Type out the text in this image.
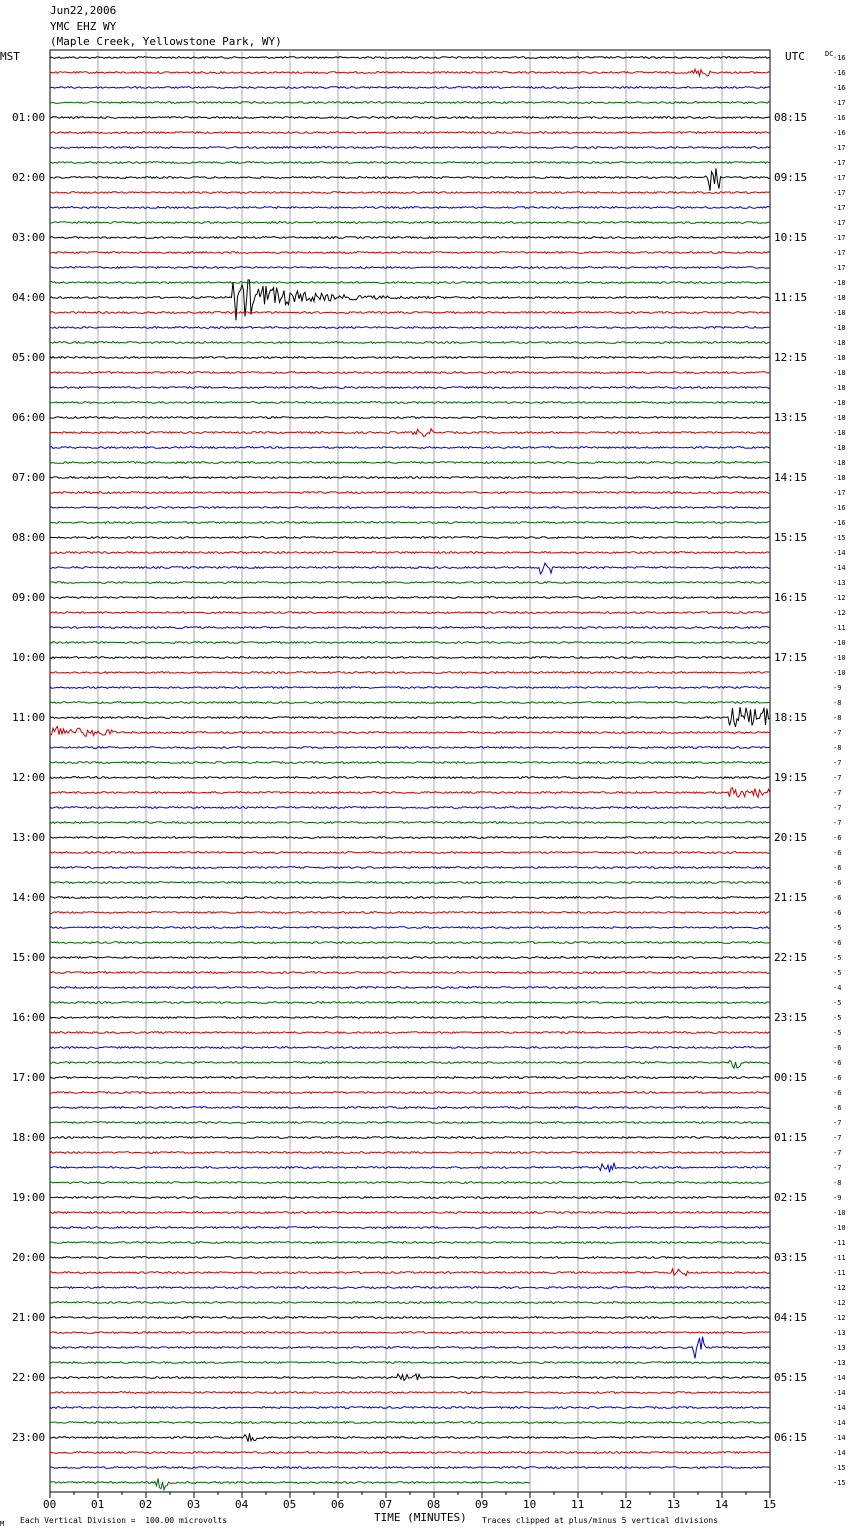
Jun22,2006
YMC EHZ WY
(Maple Creek, Yellowstone Park, WY)
MST	UTC	DC
00	01	02	03	04	05	06	07	08	09	10	11	12	13	14	15
-16
-16
-16
-17
-16
-16
-17
-17
-17
-17
-17
-17
-17
-17
-17
-18
-18
-18
-18
-18
-18
-18
-18
-18
-18
-18
-18
-18
-18
-17
-16
-16
-15
-14
-14
-13
-12
-12
-11
-10
-10
-10
-9
-8
-8
-7
-8
-7
-7
-7
-7
-7
-6
-6
-6
-6
-6
-6
-5
-6
-5
-5
-4
-5
-5
-5
-6
-6
-6
-6
-6
-7
-7
-7
-7
-8
-9
-10
-10
-11
-11
-11
-12
-12
-12
-13
-13
-13
-14
-14
-14
-14
-14
-14
-15
-15
01:00	08:15
02:00	09:15
03:00	10:15
04:00	11:15
05:00	12:15
06:00	13:15
07:00	14:15
08:00	15:15
09:00	16:15
10:00	17:15
11:00	18:15
12:00	19:15
13:00	20:15
14:00	21:15
15:00	22:15
16:00	23:15
17:00	00:15
18:00	01:15
19:00	02:15
20:00	03:15
21:00	04:15
22:00	05:15
23:00	06:15
M Each Vertical Division =  100.00 microvolts	TIME (MINUTES) Traces clipped at plus/minus 5 vertical divisions
